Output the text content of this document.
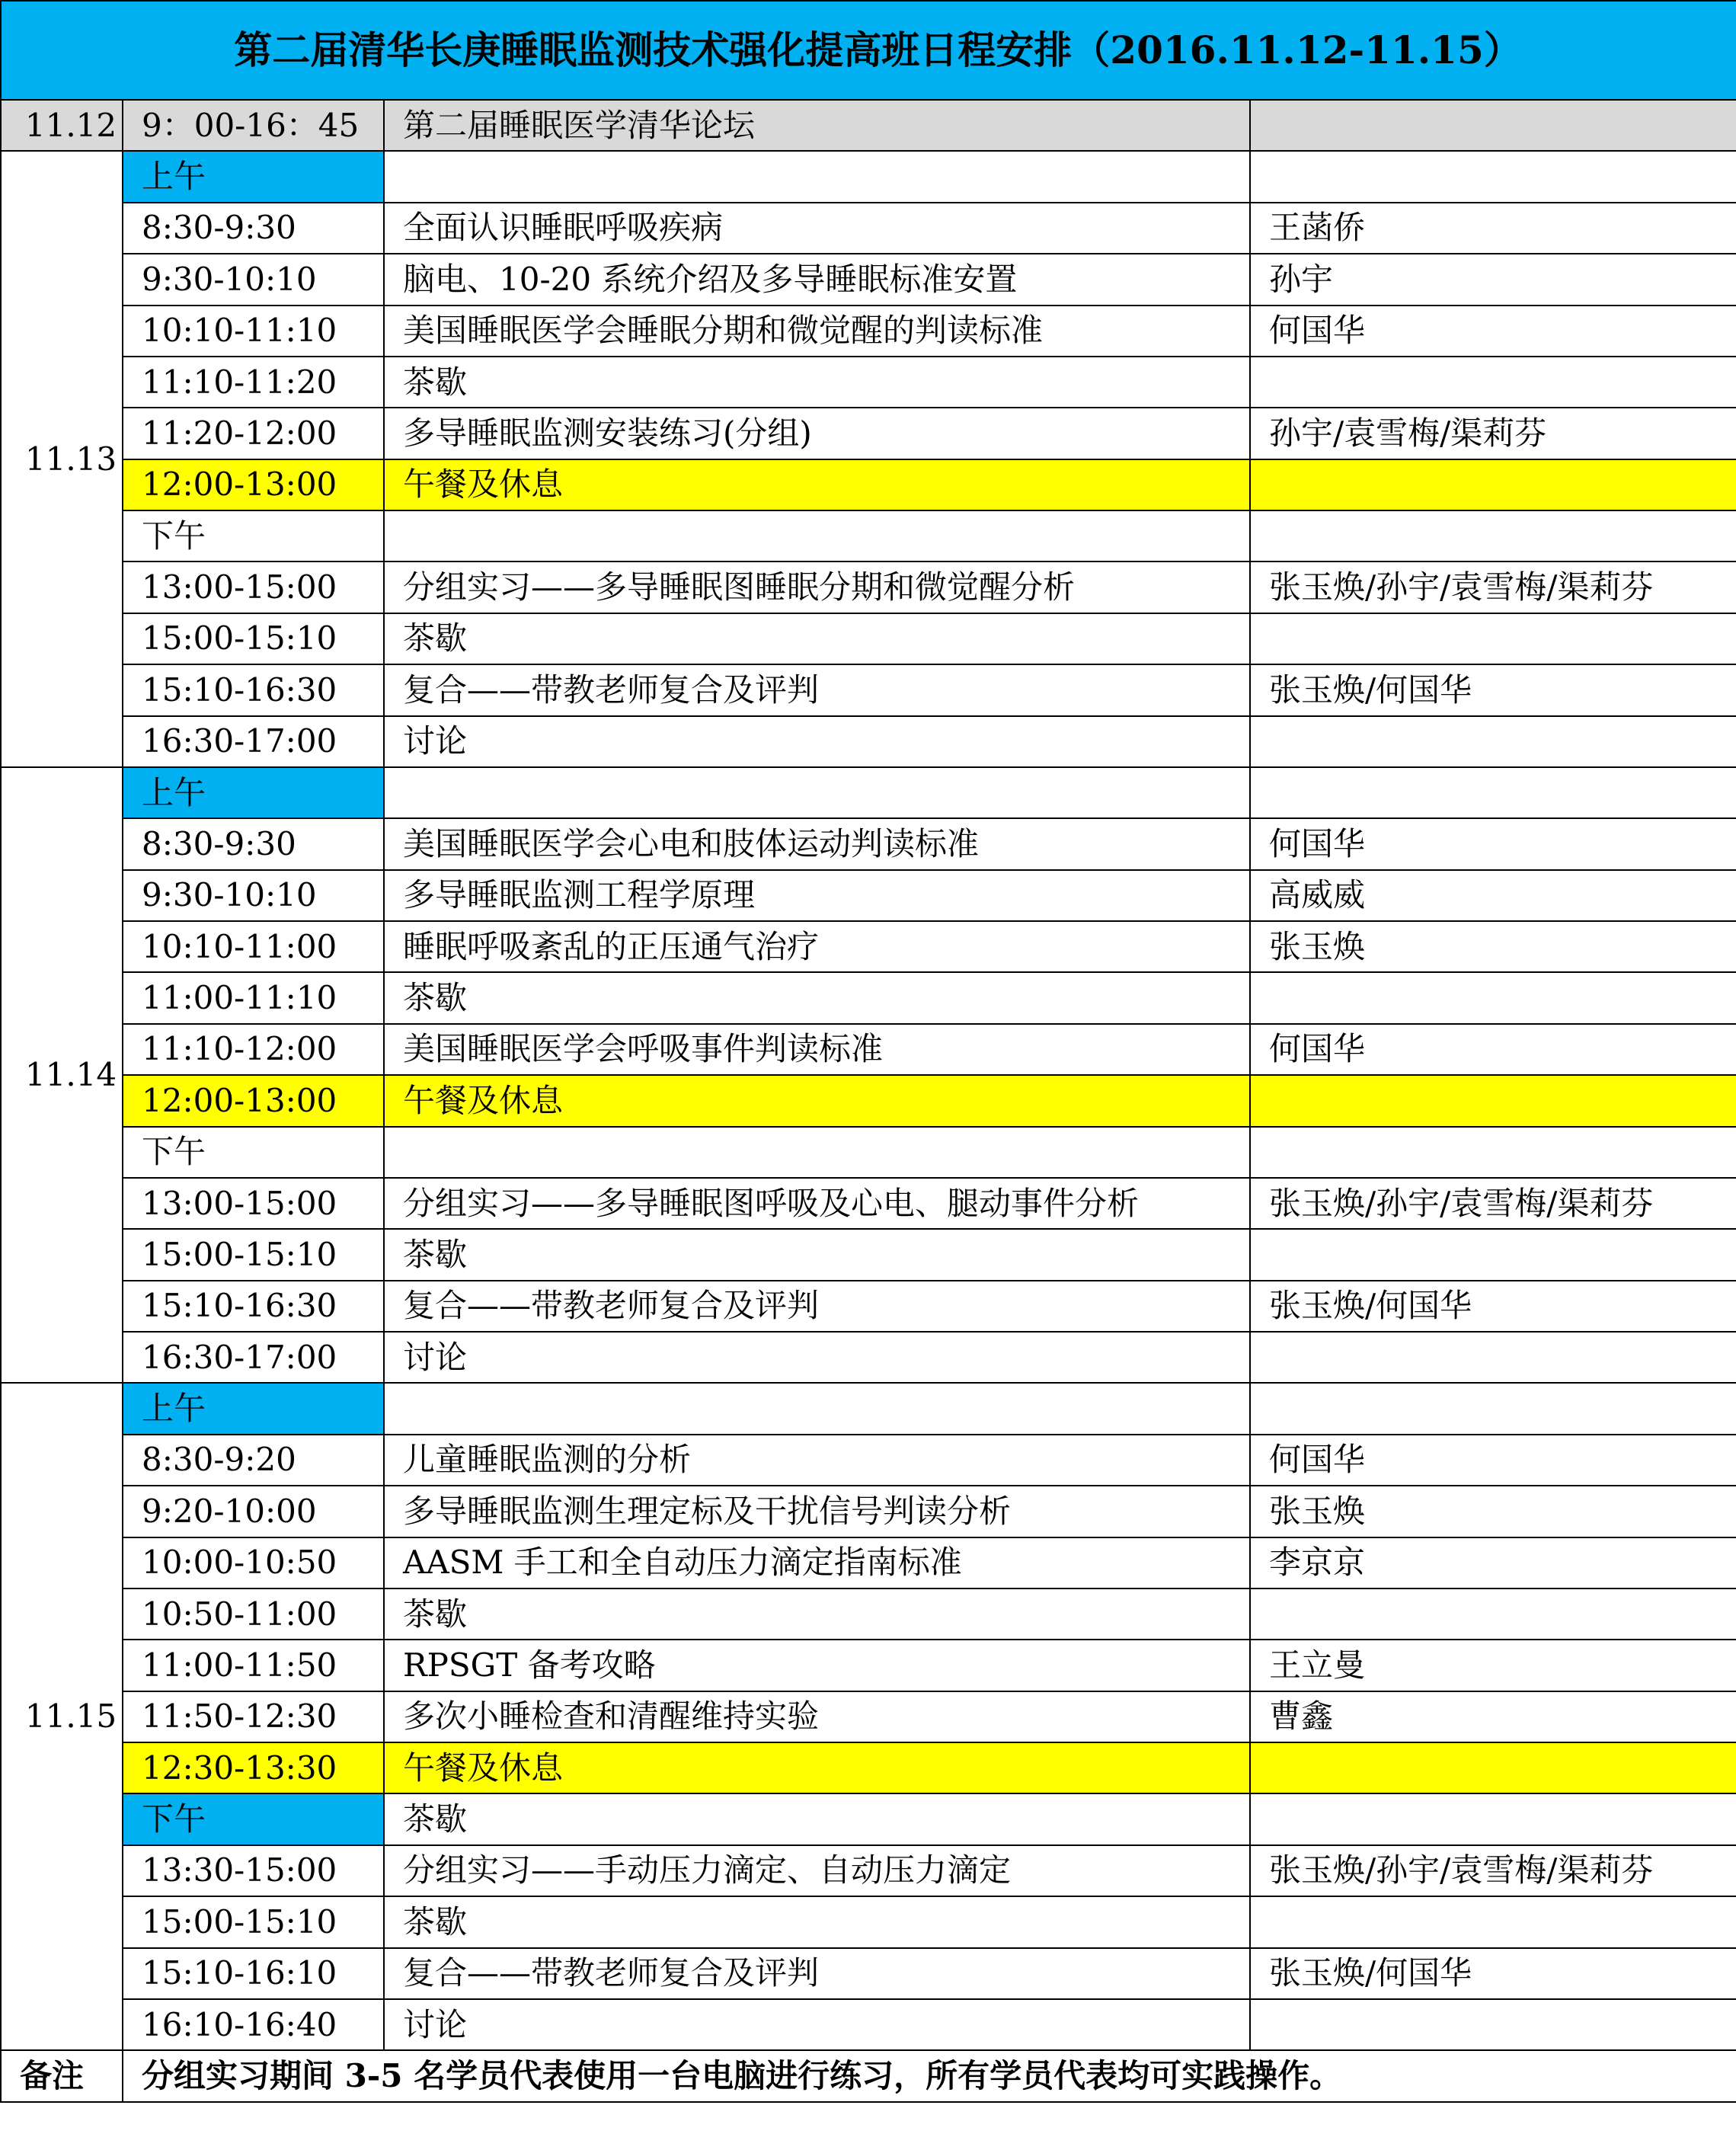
第二届清华长庚睡眠监测技术强化提高班日程安排（2016.11.12-11.15）			
11.12	9：00-16：45	第二届睡眠医学清华论坛	
11.13	上午		
	8:30-9:30	全面认识睡眠呼吸疾病	王菡侨
	9:30-10:10	脑电、10-20 系统介绍及多导睡眠标准安置	孙宇
	10:10-11:10	美国睡眠医学会睡眠分期和微觉醒的判读标准	何国华
	11:10-11:20	茶歇	
	11:20-12:00	多导睡眠监测安装练习(分组)	孙宇/袁雪梅/渠莉芬
	12:00-13:00	午餐及休息	
	下午		
	13:00-15:00	分组实习——多导睡眠图睡眠分期和微觉醒分析	张玉焕/孙宇/袁雪梅/渠莉芬
	15:00-15:10	茶歇	
	15:10-16:30	复合——带教老师复合及评判	张玉焕/何国华
	16:30-17:00	讨论	
11.14	上午		
	8:30-9:30	美国睡眠医学会心电和肢体运动判读标准	何国华
	9:30-10:10	多导睡眠监测工程学原理	高威威
	10:10-11:00	睡眠呼吸紊乱的正压通气治疗	张玉焕
	11:00-11:10	茶歇	
	11:10-12:00	美国睡眠医学会呼吸事件判读标准	何国华
	12:00-13:00	午餐及休息	
	下午		
	13:00-15:00	分组实习——多导睡眠图呼吸及心电、腿动事件分析	张玉焕/孙宇/袁雪梅/渠莉芬
	15:00-15:10	茶歇	
	15:10-16:30	复合——带教老师复合及评判	张玉焕/何国华
	16:30-17:00	讨论	
11.15	上午		
	8:30-9:20	儿童睡眠监测的分析	何国华
	9:20-10:00	多导睡眠监测生理定标及干扰信号判读分析	张玉焕
	10:00-10:50	AASM 手工和全自动压力滴定指南标准	李京京
	10:50-11:00	茶歇	
	11:00-11:50	RPSGT 备考攻略	王立曼
	11:50-12:30	多次小睡检查和清醒维持实验	曹鑫
	12:30-13:30	午餐及休息	
	下午	茶歇	
	13:30-15:00	分组实习——手动压力滴定、自动压力滴定	张玉焕/孙宇/袁雪梅/渠莉芬
	15:00-15:10	茶歇	
	15:10-16:10	复合——带教老师复合及评判	张玉焕/何国华
	16:10-16:40	讨论	
备注	分组实习期间 3-5 名学员代表使用一台电脑进行练习，所有学员代表均可实践操作。		
